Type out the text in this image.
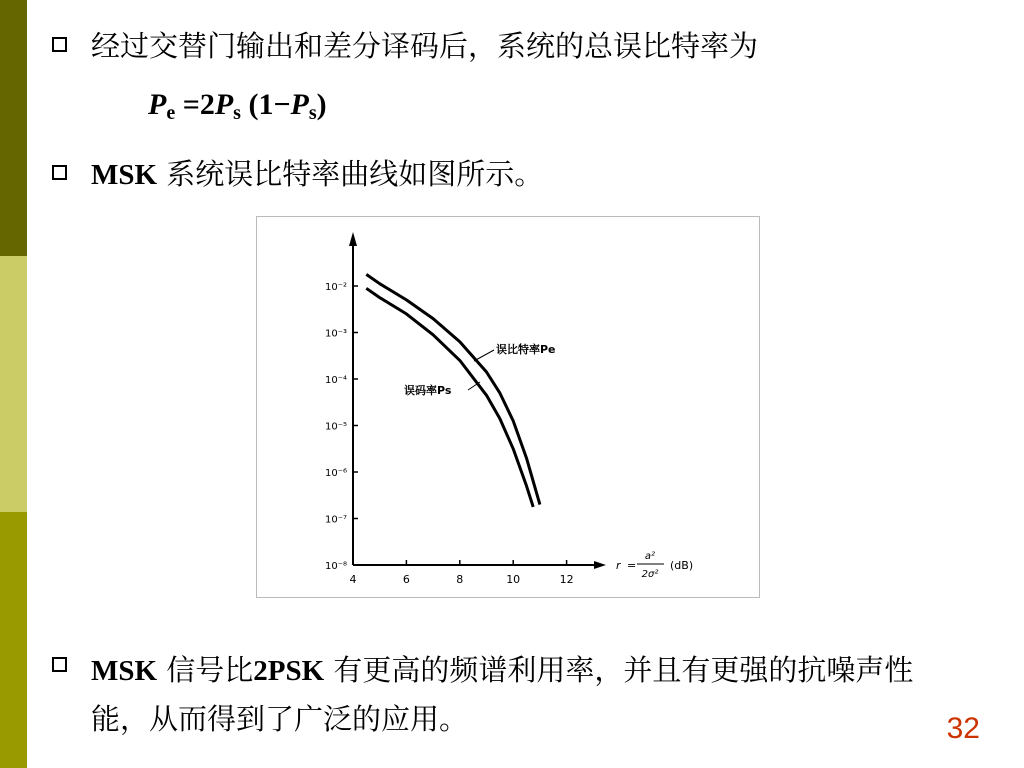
经过交替门输出和差分译码后，系统的总误比特率为
$P_e =2P_s$ $(1-P_s)$
MSK 系统误比特率曲线如图所示。
4	6	8	10	12
10⁻²
10⁻³
10⁻⁴
10⁻⁵
10⁻⁶
10⁻⁷
10⁻⁸	r =
a²
2σ²
(dB)
误比特率Pe
误码率Ps
MSK 信号比2PSK 有更高的频谱利用率，并且有更强的抗噪声性能，从而得到了广泛的应用。	32
